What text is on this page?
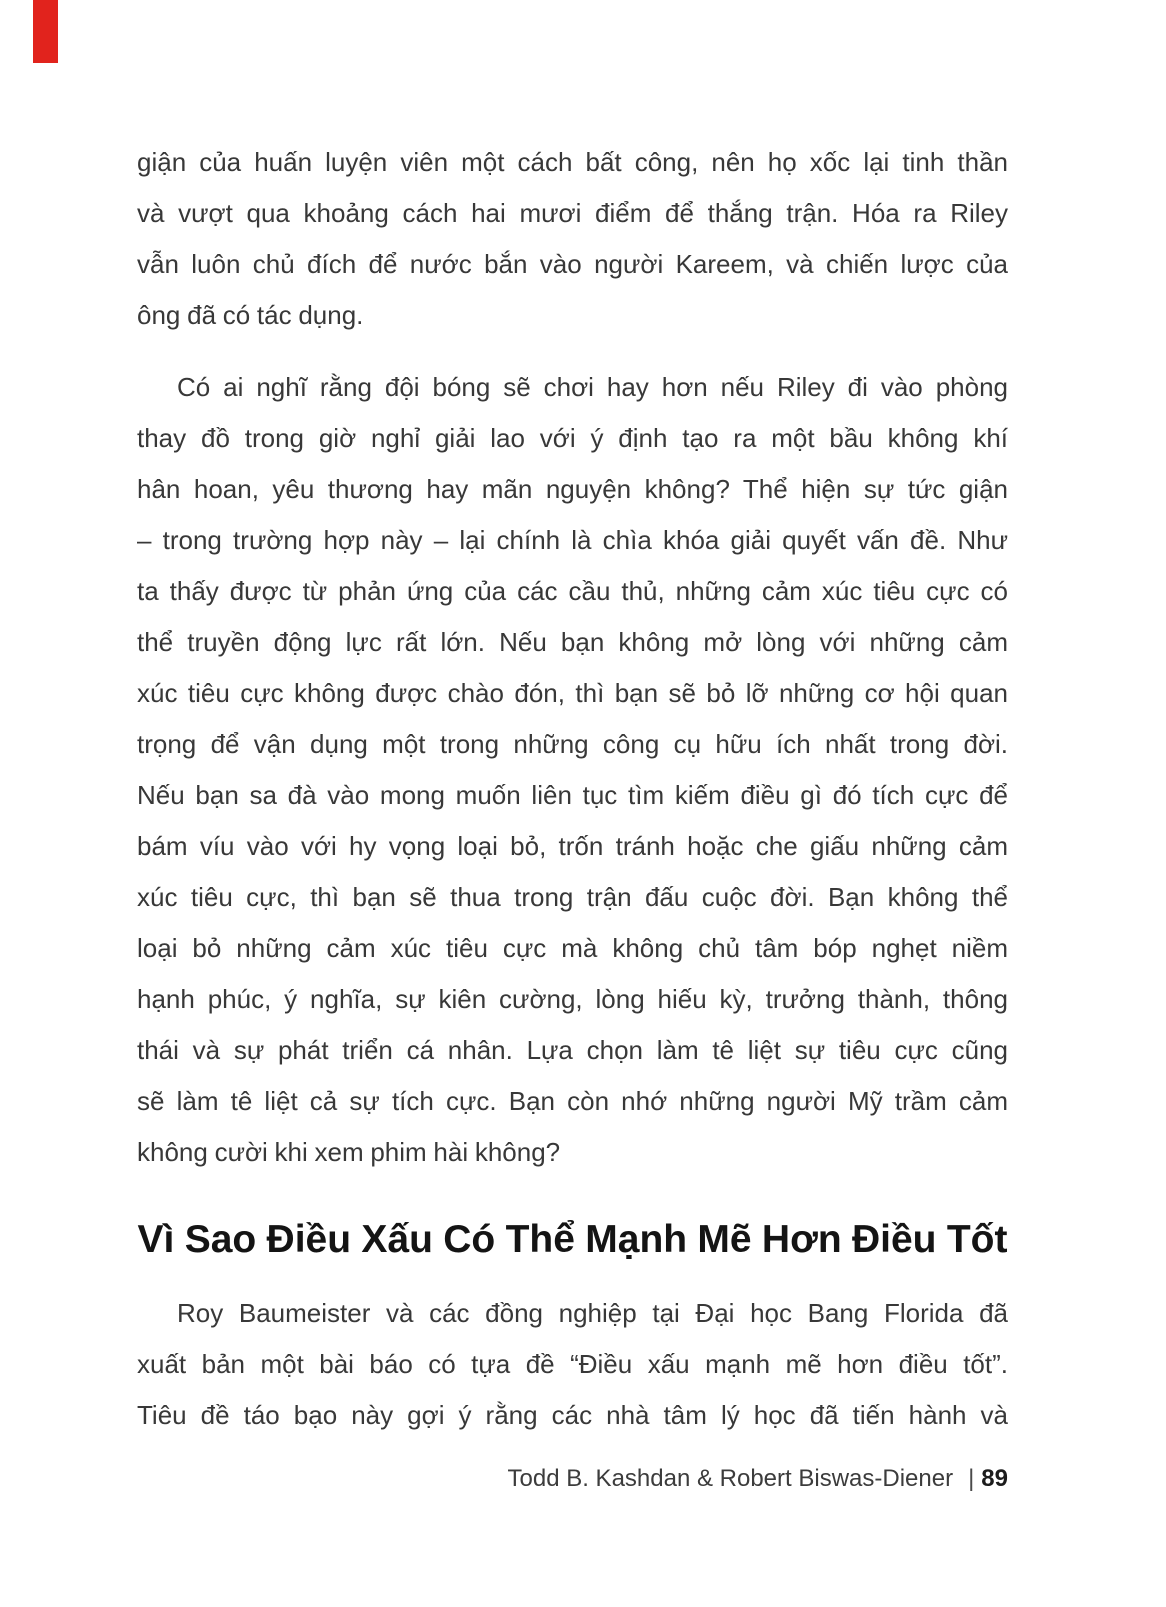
giận của huấn luyện viên một cách bất công, nên họ xốc lại tinh thần
và vượt qua khoảng cách hai mươi điểm để thắng trận. Hóa ra Riley
vẫn luôn chủ đích để nước bắn vào người Kareem, và chiến lược của
ông đã có tác dụng.
Có ai nghĩ rằng đội bóng sẽ chơi hay hơn nếu Riley đi vào phòng
thay đồ trong giờ nghỉ giải lao với ý định tạo ra một bầu không khí
hân hoan, yêu thương hay mãn nguyện không? Thể hiện sự tức giận
– trong trường hợp này – lại chính là chìa khóa giải quyết vấn đề. Như
ta thấy được từ phản ứng của các cầu thủ, những cảm xúc tiêu cực có
thể truyền động lực rất lớn. Nếu bạn không mở lòng với những cảm
xúc tiêu cực không được chào đón, thì bạn sẽ bỏ lỡ những cơ hội quan
trọng để vận dụng một trong những công cụ hữu ích nhất trong đời.
Nếu bạn sa đà vào mong muốn liên tục tìm kiếm điều gì đó tích cực để
bám víu vào với hy vọng loại bỏ, trốn tránh hoặc che giấu những cảm
xúc tiêu cực, thì bạn sẽ thua trong trận đấu cuộc đời. Bạn không thể
loại bỏ những cảm xúc tiêu cực mà không chủ tâm bóp nghẹt niềm
hạnh phúc, ý nghĩa, sự kiên cường, lòng hiếu kỳ, trưởng thành, thông
thái và sự phát triển cá nhân. Lựa chọn làm tê liệt sự tiêu cực cũng
sẽ làm tê liệt cả sự tích cực. Bạn còn nhớ những người Mỹ trầm cảm
không cười khi xem phim hài không?
Vì Sao Điều Xấu Có Thể Mạnh Mẽ Hơn Điều Tốt
Roy Baumeister và các đồng nghiệp tại Đại học Bang Florida đã
xuất bản một bài báo có tựa đề “Điều xấu mạnh mẽ hơn điều tốt”.
Tiêu đề táo bạo này gợi ý rằng các nhà tâm lý học đã tiến hành và
Todd B. Kashdan & Robert Biswas-Diener | 89
